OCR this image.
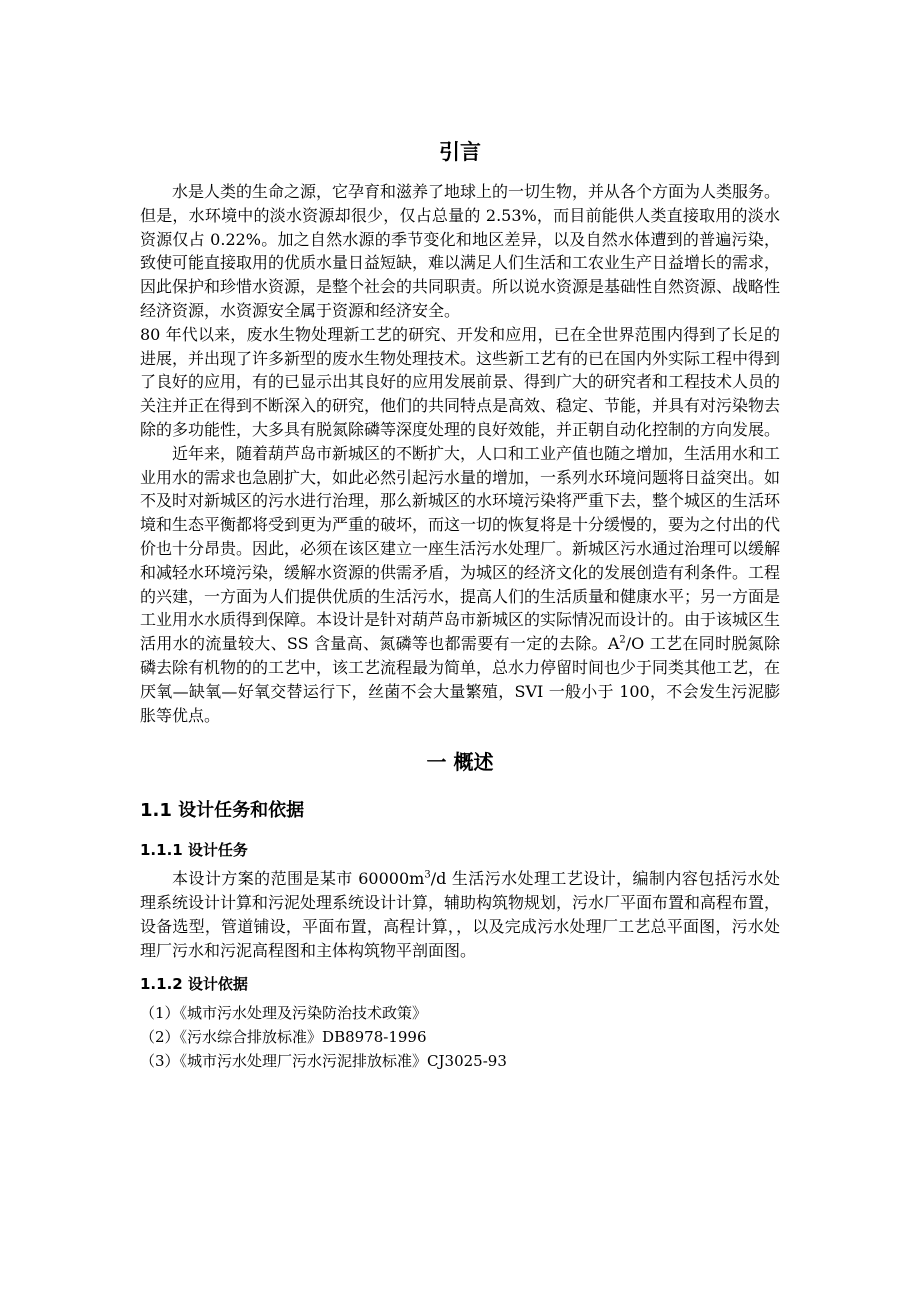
引言

水是人类的生命之源，它孕育和滋养了地球上的一切生物，并从各个方面为人类服务。但是，水环境中的淡水资源却很少，仅占总量的 2.53%，而目前能供人类直接取用的淡水资源仅占 0.22%。加之自然水源的季节变化和地区差异，以及自然水体遭到的普遍污染，致使可能直接取用的优质水量日益短缺，难以满足人们生活和工农业生产日益增长的需求，因此保护和珍惜水资源，是整个社会的共同职责。所以说水资源是基础性自然资源、战略性经济资源，水资源安全属于资源和经济安全。

80 年代以来，废水生物处理新工艺的研究、开发和应用，已在全世界范围内得到了长足的进展，并出现了许多新型的废水生物处理技术。这些新工艺有的已在国内外实际工程中得到了良好的应用，有的已显示出其良好的应用发展前景、得到广大的研究者和工程技术人员的关注并正在得到不断深入的研究，他们的共同特点是高效、稳定、节能，并具有对污染物去除的多功能性，大多具有脱氮除磷等深度处理的良好效能，并正朝自动化控制的方向发展。

近年来，随着葫芦岛市新城区的不断扩大，人口和工业产值也随之增加，生活用水和工业用水的需求也急剧扩大，如此必然引起污水量的增加，一系列水环境问题将日益突出。如不及时对新城区的污水进行治理，那么新城区的水环境污染将严重下去，整个城区的生活环境和生态平衡都将受到更为严重的破坏，而这一切的恢复将是十分缓慢的，要为之付出的代价也十分昂贵。因此，必须在该区建立一座生活污水处理厂。新城区污水通过治理可以缓解和减轻水环境污染，缓解水资源的供需矛盾，为城区的经济文化的发展创造有利条件。工程的兴建，一方面为人们提供优质的生活污水，提高人们的生活质量和健康水平；另一方面是工业用水水质得到保障。本设计是针对葫芦岛市新城区的实际情况而设计的。由于该城区生活用水的流量较大、SS 含量高、氮磷等也都需要有一定的去除。$A^2/O$ 工艺在同时脱氮除磷去除有机物的的工艺中，该工艺流程最为简单，总水力停留时间也少于同类其他工艺，在厌氧—缺氧—好氧交替运行下，丝菌不会大量繁殖，SVI 一般小于 100，不会发生污泥膨胀等优点。

一 概述
1.1 设计任务和依据
1.1.1 设计任务

本设计方案的范围是某市 $60000m^3/d$ 生活污水处理工艺设计，编制内容包括污水处理系统设计计算和污泥处理系统设计计算，辅助构筑物规划，污水厂平面布置和高程布置，设备选型，管道铺设，平面布置，高程计算，，以及完成污水处理厂工艺总平面图，污水处理厂污水和污泥高程图和主体构筑物平剖面图。

1.1.2 设计依据
（1）《城市污水处理及污染防治技术政策》
（2）《污水综合排放标准》DB8978-1996
（3）《城市污水处理厂污水污泥排放标准》CJ3025-93
